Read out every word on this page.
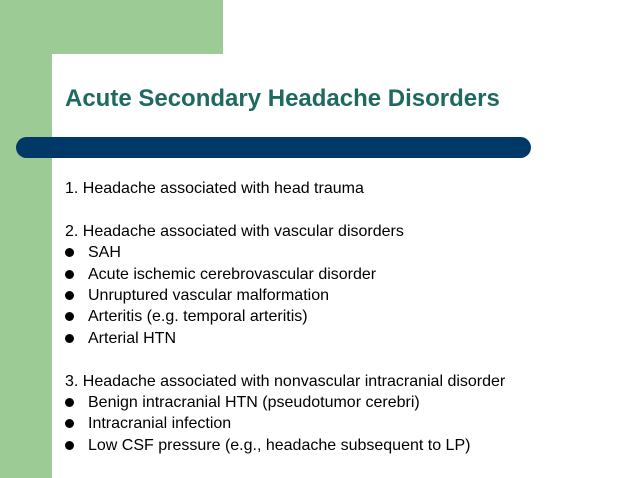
Acute Secondary Headache Disorders
1. Headache associated with head trauma
2. Headache associated with vascular disorders
SAH
Acute ischemic cerebrovascular disorder
Unruptured vascular malformation
Arteritis (e.g. temporal arteritis)
Arterial HTN
3. Headache associated with nonvascular intracranial disorder
Benign intracranial HTN (pseudotumor cerebri)
Intracranial infection
Low CSF pressure (e.g., headache subsequent to LP)
